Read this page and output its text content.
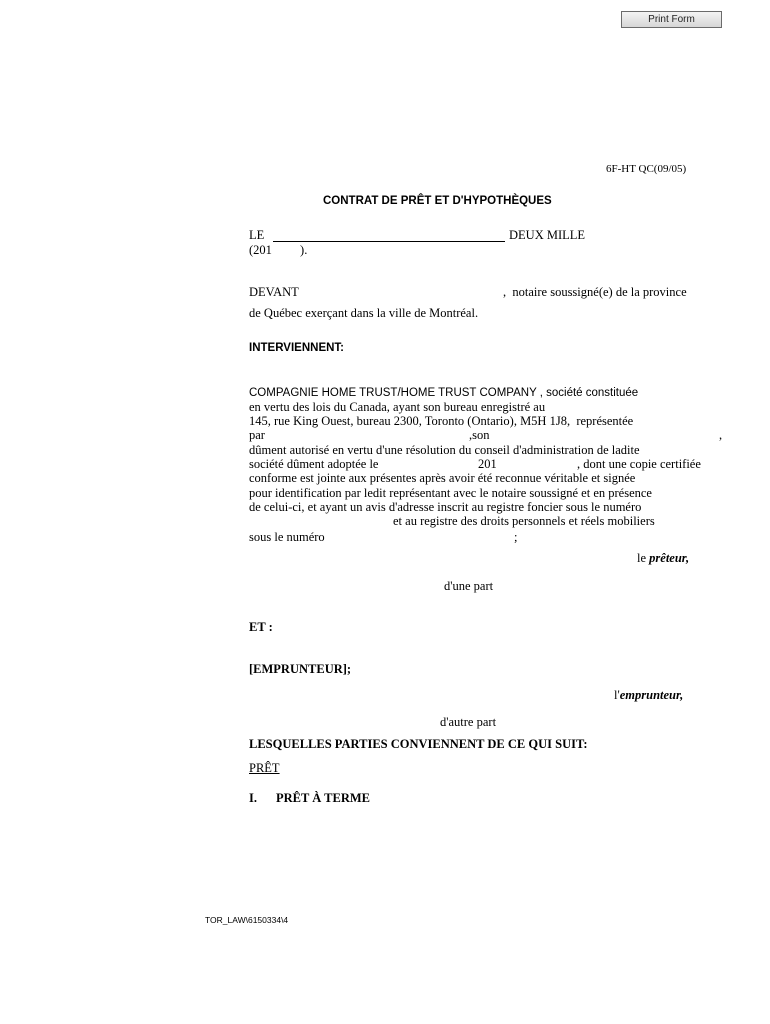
Print Form
6F-HT QC(09/05)
CONTRAT DE PRÊT ET D'HYPOTHÈQUES
LE	DEUX MILLE
(201         ).
DEVANT	,  notaire soussigné(e) de la province
de Québec exerçant dans la ville de Montréal.
INTERVIENNENT:
COMPAGNIE HOME TRUST/HOME TRUST COMPANY , société constituée
en vertu des lois du Canada, ayant son bureau enregistré au
145, rue King Ouest, bureau 2300, Toronto (Ontario), M5H 1J8,  représentée
par	,son	,
dûment autorisé en vertu d'une résolution du conseil d'administration de ladite
société dûment adoptée le	201	, dont une copie certifiée
conforme est jointe aux présentes après avoir été reconnue véritable et signée
pour identification par ledit représentant avec le notaire soussigné et en présence
de celui-ci, et ayant un avis d'adresse inscrit au registre foncier sous le numéro
et au registre des droits personnels et réels mobiliers
sous le numéro	;
le prêteur,
d'une part
ET :
[EMPRUNTEUR];
l'emprunteur,
d'autre part
LESQUELLES PARTIES CONVIENNENT DE CE QUI SUIT:
PRÊT
I. PRÊT À TERME
TOR_LAW\6150334\4
